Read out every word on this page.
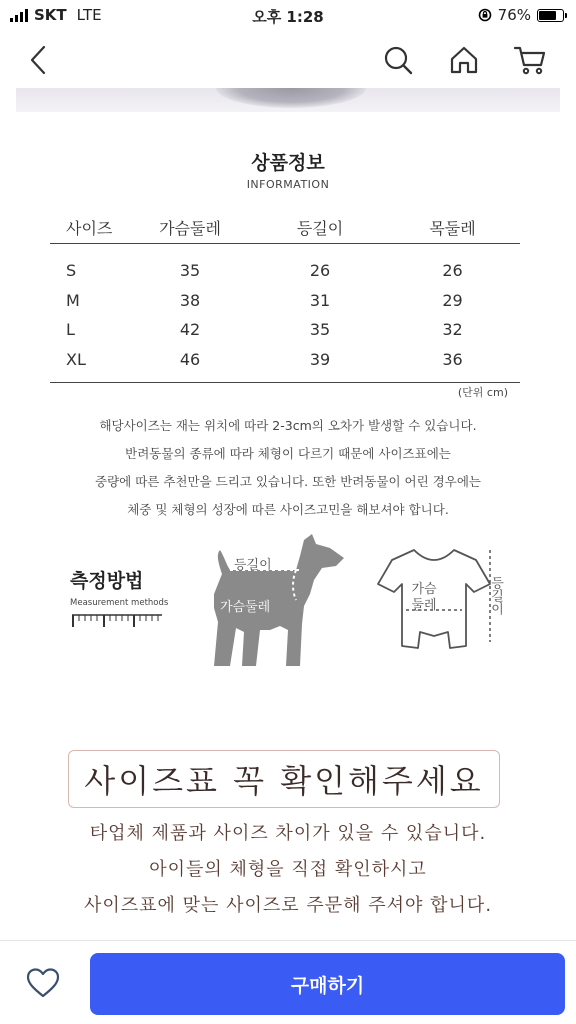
SKT LTE	오후 1:28	76%
상품정보
INFORMATION
사이즈	가슴둘레	등길이	목둘레
S	35	26	26
M	38	31	29
L	42	35	32
XL	46	39	36
(단위 cm)
해당사이즈는 재는 위치에 따라 2-3cm의 오차가 발생할 수 있습니다.
반려동물의 종류에 따라 체형이 다르기 때문에 사이즈표에는
중량에 따른 추천만을 드리고 있습니다. 또한 반려동물이 어린 경우에는
체중 및 체형의 성장에 따른 사이즈고민을 해보셔야 합니다.
측정방법
Measurement methods
등길이
가슴둘레
가슴 둘레	등길이
사이즈표 꼭 확인해주세요
타업체 제품과 사이즈 차이가 있을 수 있습니다.
아이들의 체형을 직접 확인하시고
사이즈표에 맞는 사이즈로 주문해 주셔야 합니다.
구매하기
